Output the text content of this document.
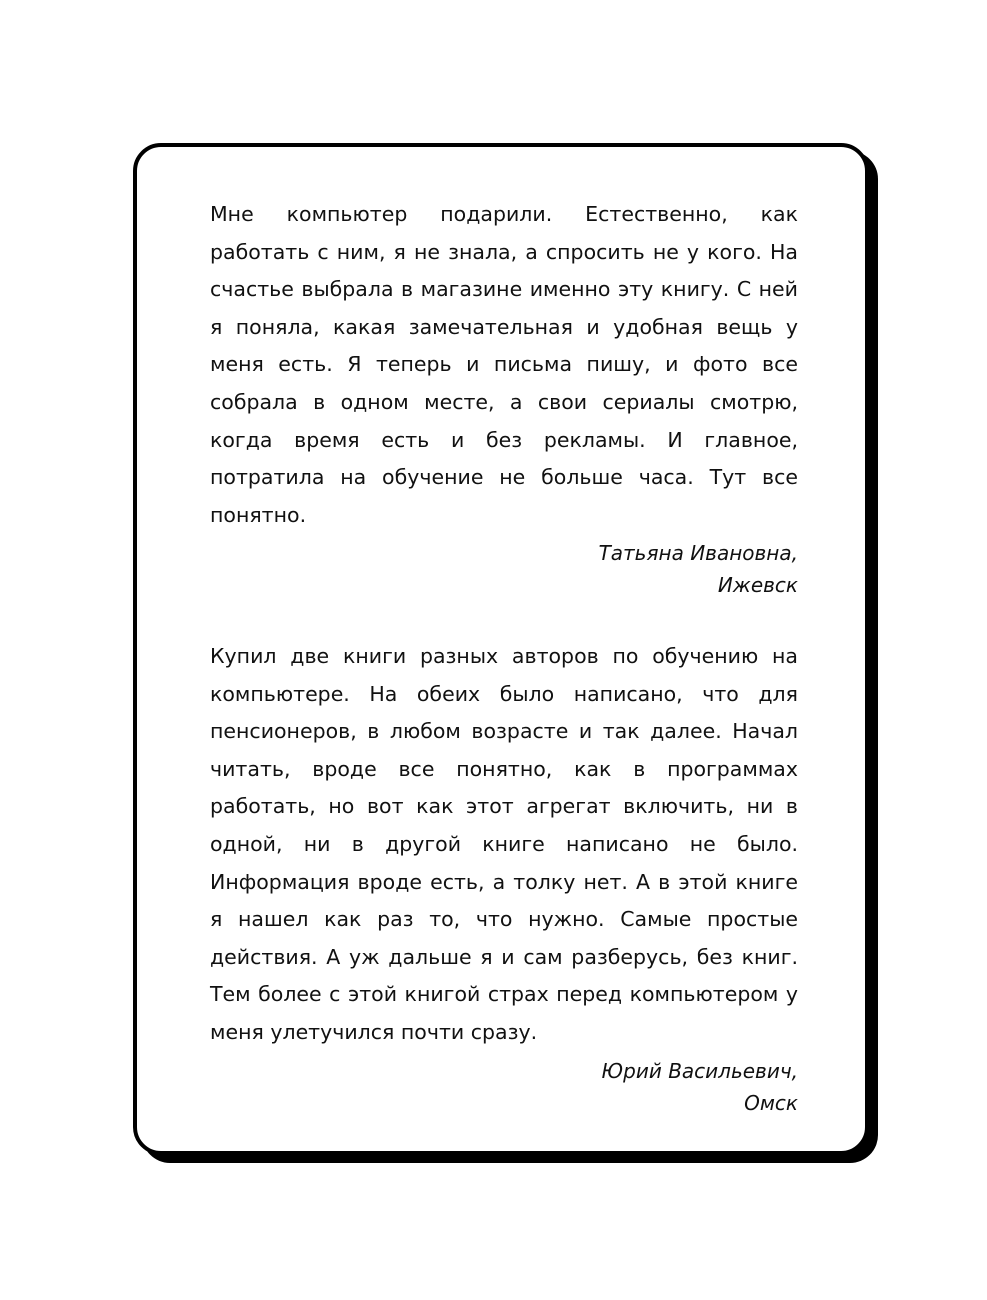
Мне компьютер подарили. Естественно, как работать с ним, я не знала, а спросить не у кого. На счастье выбрала в магазине именно эту книгу. С ней я поняла, какая замечательная и удобная вещь у меня есть. Я теперь и письма пишу, и фото все собрала в одном месте, а свои сериалы смотрю, когда время есть и без рекламы. И главное, потратила на обучение не больше часа. Тут все понятно.

Татьяна Ивановна,
Ижевск

Купил две книги разных авторов по обучению на компьютере. На обеих было написано, что для пенсионеров, в любом возрасте и так далее. Начал читать, вроде все понятно, как в программах работать, но вот как этот агрегат включить, ни в одной, ни в другой книге написано не было. Информация вроде есть, а толку нет. А в этой книге я нашел как раз то, что нужно. Самые простые действия. А уж дальше я и сам разберусь, без книг. Тем более с этой книгой страх перед компьютером у меня улетучился почти сразу.

Юрий Васильевич,
Омск
